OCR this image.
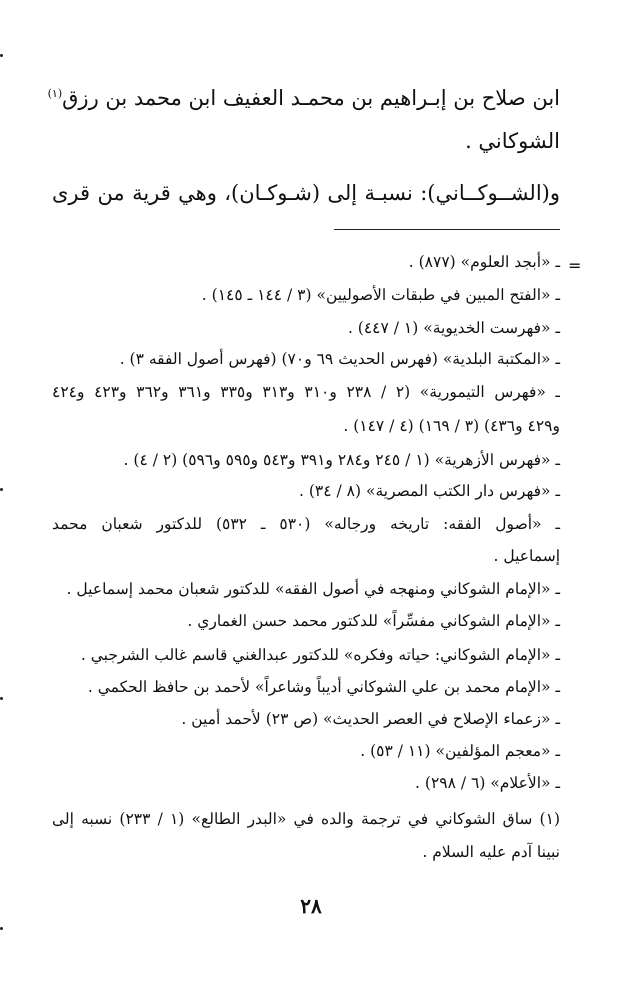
ابن صلاح بن إبـراهيم بن محمـد العفيف ابن محمد بن رزق$^{(١)}$
الشوكاني .
و(الشــوكــاني): نسبـة إلى (شـوكـان)، وهي قرية من قرى
=
ـ «أبجد العلوم» (٨٧٧) .
ـ «الفتح المبين في طبقات الأصوليين» (٣ / ١٤٤ ـ ١٤٥) .
ـ «فهرست الخديوية» (١ / ٤٤٧) .
ـ «المكتبة البلدية» (فهرس الحديث ٦٩ و٧٠) (فهرس أصول الفقه ٣) .
ـ «فهرس التيمورية» (٢ / ٢٣٨ و٣١٠ و٣١٣ و٣٣٥ و٣٦١ و٣٦٢ و٤٢٣ و٤٢٤
و٤٢٩ و٤٣٦) (٣ / ١٦٩) (٤ / ١٤٧) .
ـ «فهرس الأزهرية» (١ / ٢٤٥ و٢٨٤ و٣٩١ و٥٤٣ و٥٩٥ و٥٩٦) (٢ / ٤) .
ـ «فهرس دار الكتب المصرية» (٨ / ٣٤) .
ـ «أصول الفقه: تاريخه ورجاله» (٥٣٠ ـ ٥٣٢) للدكتور شعبان محمد
إسماعيل .
ـ «الإمام الشوكاني ومنهجه في أصول الفقه» للدكتور شعبان محمد إسماعيل .
ـ «الإمام الشوكاني مفسِّراً» للدكتور محمد حسن الغماري .
ـ «الإمام الشوكاني: حياته وفكره» للدكتور عبدالغني قاسم غالب الشرجبي .
ـ «الإمام محمد بن علي الشوكاني أديباً وشاعراً» لأحمد بن حافظ الحكمي .
ـ «زعماء الإصلاح في العصر الحديث» (ص ٢٣) لأحمد أمين .
ـ «معجم المؤلفين» (١١ / ٥٣) .
ـ «الأعلام» (٦ / ٢٩٨) .
(١) ساق الشوكاني في ترجمة والده في «البدر الطالع» (١ / ٢٣٣) نسبه إلى
نبينا آدم عليه السلام .
٢٨
